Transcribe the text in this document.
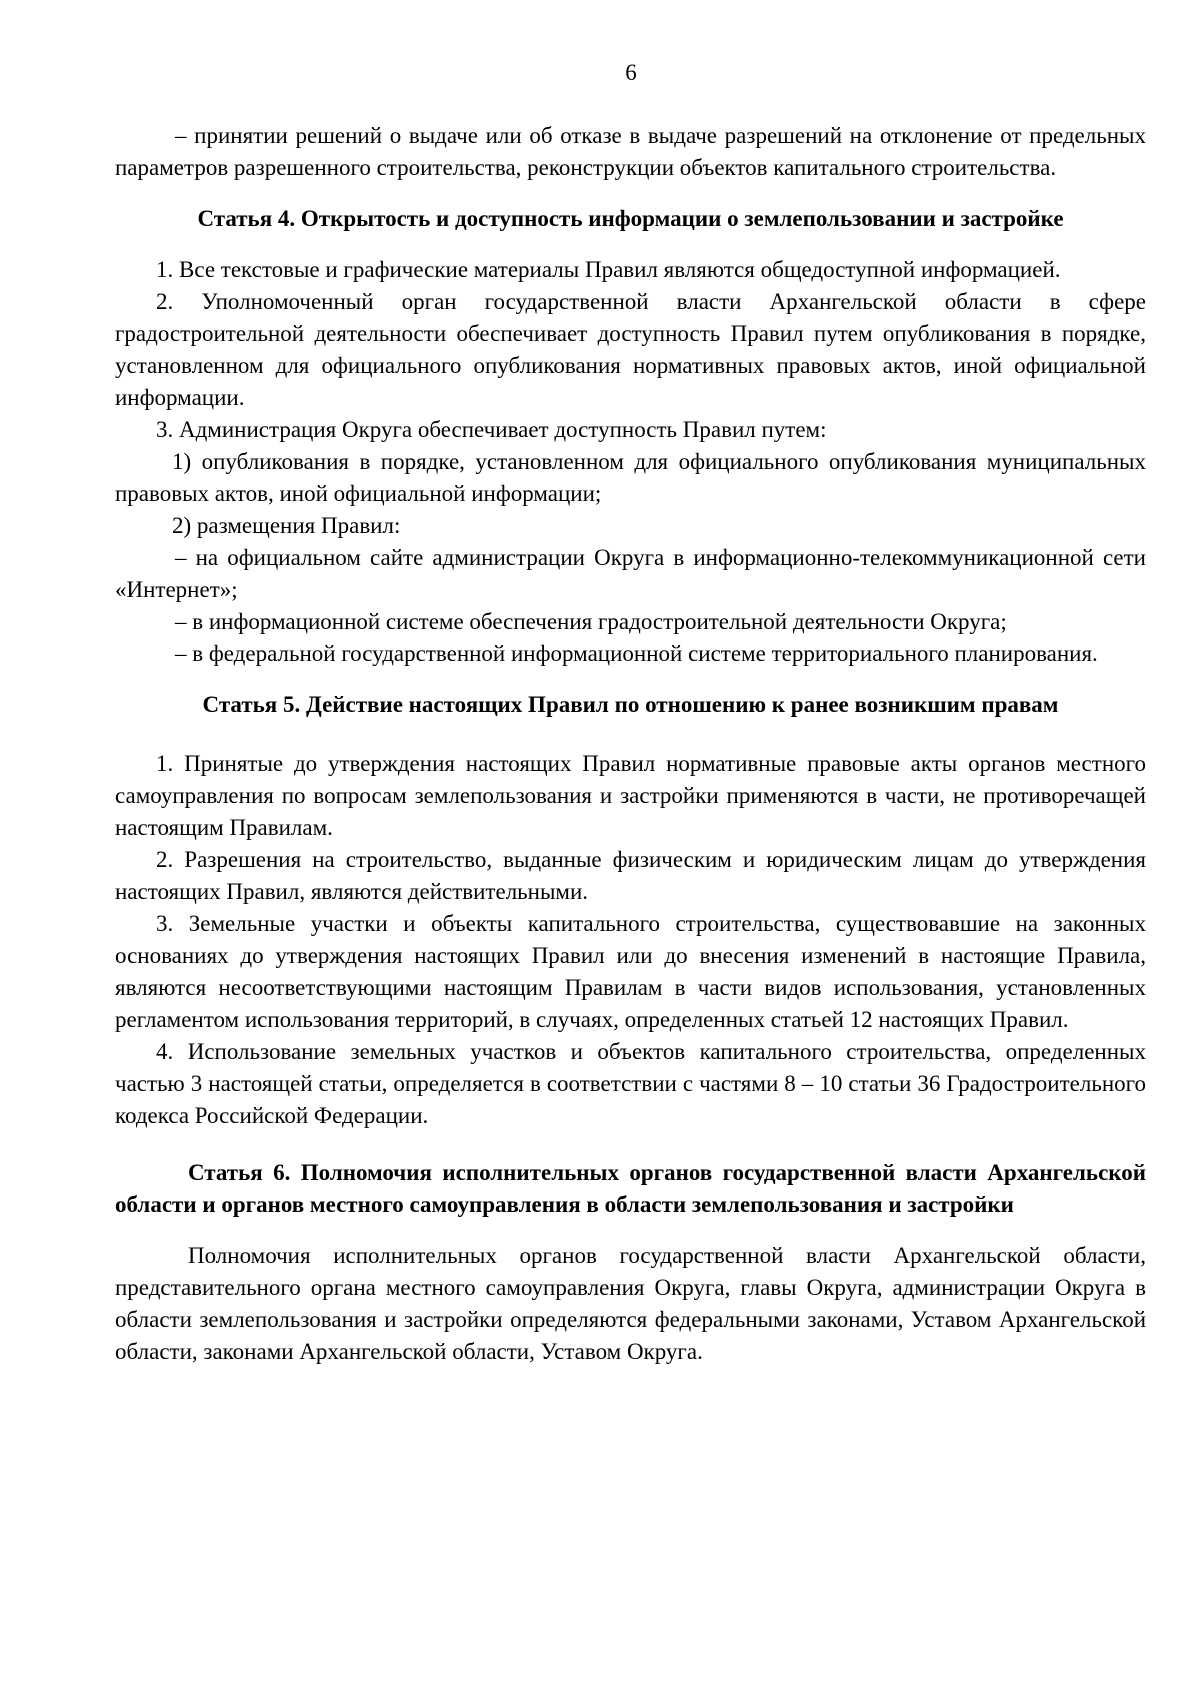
6

– принятии решений о выдаче или об отказе в выдаче разрешений на отклонение от предельных параметров разрешенного строительства, реконструкции объектов капитального строительства.

Статья 4. Открытость и доступность информации о землепользовании и застройке

1. Все текстовые и графические материалы Правил являются общедоступной информацией.

2. Уполномоченный орган государственной власти Архангельской области в сфере градостроительной деятельности обеспечивает доступность Правил путем опубликования в порядке, установленном для официального опубликования нормативных правовых актов, иной официальной информации.

3. Администрация Округа обеспечивает доступность Правил путем:

1) опубликования в порядке, установленном для официального опубликования муниципальных правовых актов, иной официальной информации;

2) размещения Правил:

– на официальном сайте администрации Округа в информационно-телекоммуникационной сети «Интернет»;

– в информационной системе обеспечения градостроительной деятельности Округа;

– в федеральной государственной информационной системе территориального планирования.

Статья 5. Действие настоящих Правил по отношению к ранее возникшим правам

1. Принятые до утверждения настоящих Правил нормативные правовые акты органов местного самоуправления по вопросам землепользования и застройки применяются в части, не противоречащей настоящим Правилам.

2. Разрешения на строительство, выданные физическим и юридическим лицам до утверждения настоящих Правил, являются действительными.

3. Земельные участки и объекты капитального строительства, существовавшие на законных основаниях до утверждения настоящих Правил или до внесения изменений в настоящие Правила, являются несоответствующими настоящим Правилам в части видов использования, установленных регламентом использования территорий, в случаях, определенных статьей 12 настоящих Правил.

4. Использование земельных участков и объектов капитального строительства, определенных частью 3 настоящей статьи, определяется в соответствии с частями 8 – 10 статьи 36 Градостроительного кодекса Российской Федерации.

Статья 6. Полномочия исполнительных органов государственной власти Архангельской области и органов местного самоуправления в области землепользования и застройки

Полномочия исполнительных органов государственной власти Архангельской области, представительного органа местного самоуправления Округа, главы Округа, администрации Округа в области землепользования и застройки определяются федеральными законами, Уставом Архангельской области, законами Архангельской области, Уставом Округа.
